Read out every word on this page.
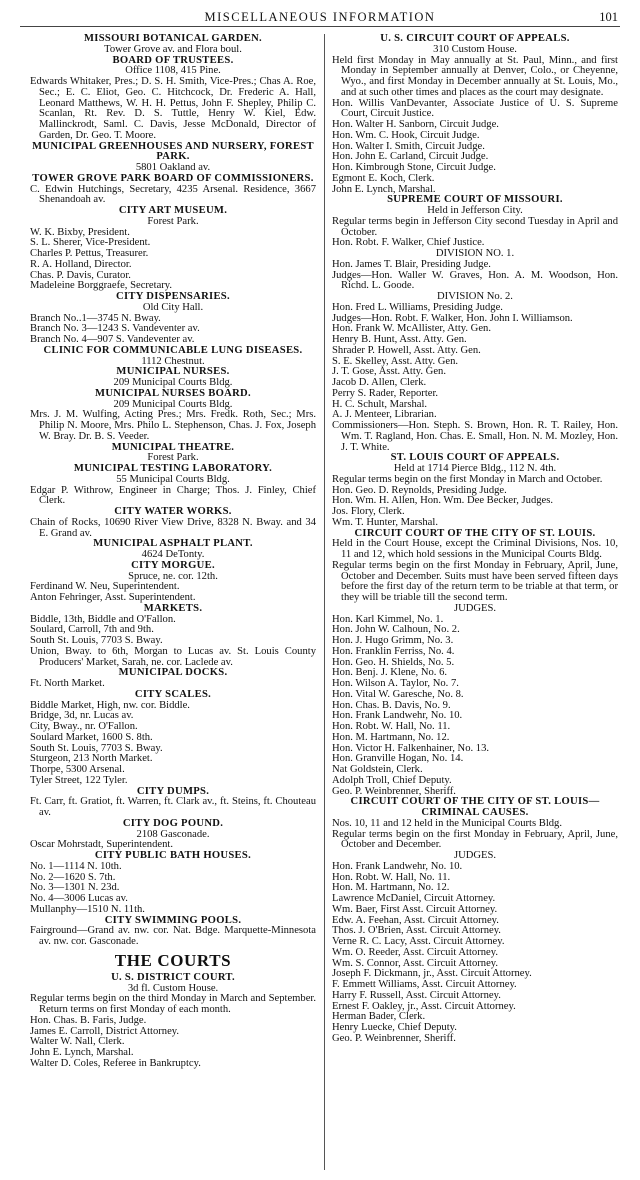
MISCELLANEOUS INFORMATION	101

MISSOURI BOTANICAL GARDEN.

Tower Grove av. and Flora boul.

BOARD OF TRUSTEES.

Office 1108, 415 Pine.

Edwards Whitaker, Pres.; D. S. H. Smith, Vice-Pres.; Chas A. Roe, Sec.; E. C. Eliot, Geo. C. Hitchcock, Dr. Frederic A. Hall, Leonard Matthews, W. H. H. Pettus, John F. Shepley, Philip C. Scanlan, Rt. Rev. D. S. Tuttle, Henry W. Kiel, Edw. Mallinckrodt, Saml. C. Davis, Jesse McDonald, Director of Garden, Dr. Geo. T. Moore.

MUNICIPAL GREENHOUSES AND NURSERY, FOREST PARK.

5801 Oakland av.

TOWER GROVE PARK BOARD OF COMMISSIONERS.

C. Edwin Hutchings, Secretary, 4235 Arsenal. Residence, 3667 Shenandoah av.

CITY ART MUSEUM.

Forest Park.

W. K. Bixby, President.

S. L. Sherer, Vice-President.

Charles P. Pettus, Treasurer.

R. A. Holland, Director.

Chas. P. Davis, Curator.

Madeleine Borggraefe, Secretary.

CITY DISPENSARIES.

Old City Hall.

Branch No..1—3745 N. Bway.

Branch No. 3—1243 S. Vandeventer av.

Branch No. 4—907 S. Vandeventer av.

CLINIC FOR COMMUNICABLE LUNG DISEASES.

1112 Chestnut.

MUNICIPAL NURSES.

209 Municipal Courts Bldg.

MUNICIPAL NURSES BOARD.

209 Municipal Courts Bldg.

Mrs. J. M. Wulfing, Acting Pres.; Mrs. Fredk. Roth, Sec.; Mrs. Philip N. Moore, Mrs. Philo L. Stephenson, Chas. J. Fox, Joseph W. Bray. Dr. B. S. Veeder.

MUNICIPAL THEATRE.

Forest Park.

MUNICIPAL TESTING LABORATORY.

55 Municipal Courts Bldg.

Edgar P. Withrow, Engineer in Charge; Thos. J. Finley, Chief Clerk.

CITY WATER WORKS.

Chain of Rocks, 10690 River View Drive, 8328 N. Bway. and 34 E. Grand av.

MUNICIPAL ASPHALT PLANT.

4624 DeTonty.

CITY MORGUE.

Spruce, ne. cor. 12th.

Ferdinand W. Neu, Superintendent.

Anton Fehringer, Asst. Superintendent.

MARKETS.

Biddle, 13th, Biddle and O'Fallon.

Soulard, Carroll, 7th and 9th.

South St. Louis, 7703 S. Bway.

Union, Bway. to 6th, Morgan to Lucas av. St. Louis County Producers' Market, Sarah, ne. cor. Laclede av.

MUNICIPAL DOCKS.

Ft. North Market.

CITY SCALES.

Biddle Market, High, nw. cor. Biddle.

Bridge, 3d, nr. Lucas av.

City, Bway., nr. O'Fallon.

Soulard Market, 1600 S. 8th.

South St. Louis, 7703 S. Bway.

Sturgeon, 213 North Market.

Thorpe, 5300 Arsenal.

Tyler Street, 122 Tyler.

CITY DUMPS.

Ft. Carr, ft. Gratiot, ft. Warren, ft. Clark av., ft. Steins, ft. Chouteau av.

CITY DOG POUND.

2108 Gasconade.

Oscar Mohrstadt, Superintendent.

CITY PUBLIC BATH HOUSES.

No. 1—1114 N. 10th.

No. 2—1620 S. 7th.

No. 3—1301 N. 23d.

No. 4—3006 Lucas av.

Mullanphy—1510 N. 11th.

CITY SWIMMING POOLS.

Fairground—Grand av. nw. cor. Nat. Bdge. Marquette-Minnesota av. nw. cor. Gasconade.

THE COURTS

U. S. DISTRICT COURT.

3d fl. Custom House.

Regular terms begin on the third Monday in March and September. Return terms on first Monday of each month.

Hon. Chas. B. Faris, Judge.

James E. Carroll, District Attorney.

Walter W. Nall, Clerk.

John E. Lynch, Marshal.

Walter D. Coles, Referee in Bankruptcy.

U. S. CIRCUIT COURT OF APPEALS.

310 Custom House.

Held first Monday in May annually at St. Paul, Minn., and first Monday in September annually at Denver, Colo., or Cheyenne, Wyo., and first Monday in December annually at St. Louis, Mo., and at such other times and places as the court may designate.

Hon. Willis VanDevanter, Associate Justice of U. S. Supreme Court, Circuit Justice.

Hon. Walter H. Sanborn, Circuit Judge.

Hon. Wm. C. Hook, Circuit Judge.

Hon. Walter I. Smith, Circuit Judge.

Hon. John E. Carland, Circuit Judge.

Hon. Kimbrough Stone, Circuit Judge.

Egmont E. Koch, Clerk.

John E. Lynch, Marshal.

SUPREME COURT OF MISSOURI.

Held in Jefferson City.

Regular terms begin in Jefferson City second Tuesday in April and October.

Hon. Robt. F. Walker, Chief Justice.

DIVISION NO. 1.

Hon. James T. Blair, Presiding Judge.

Judges—Hon. Waller W. Graves, Hon. A. M. Woodson, Hon. Richd. L. Goode.

DIVISION No. 2.

Hon. Fred L. Williams, Presiding Judge.

Judges—Hon. Robt. F. Walker, Hon. John I. Williamson.

Hon. Frank W. McAllister, Atty. Gen.

Henry B. Hunt, Asst. Atty. Gen.

Shrader P. Howell, Asst. Atty. Gen.

S. E. Skelley, Asst. Atty. Gen.

J. T. Gose, Asst. Atty. Gen.

Jacob D. Allen, Clerk.

Perry S. Rader, Reporter.

H. C. Schult, Marshal.

A. J. Menteer, Librarian.

Commissioners—Hon. Steph. S. Brown, Hon. R. T. Railey, Hon. Wm. T. Ragland, Hon. Chas. E. Small, Hon. N. M. Mozley, Hon. J. T. White.

ST. LOUIS COURT OF APPEALS.

Held at 1714 Pierce Bldg., 112 N. 4th.

Regular terms begin on the first Monday in March and October.

Hon. Geo. D. Reynolds, Presiding Judge.

Hon. Wm. H. Allen, Hon. Wm. Dee Becker, Judges.

Jos. Flory, Clerk.

Wm. T. Hunter, Marshal.

CIRCUIT COURT OF THE CITY OF ST. LOUIS.

Held in the Court House, except the Criminal Divisions, Nos. 10, 11 and 12, which hold sessions in the Municipal Courts Bldg.

Regular terms begin on the first Monday in February, April, June, October and December. Suits must have been served fifteen days before the first day of the return term to be triable at that term, or they will be triable till the second term.

JUDGES.

Hon. Karl Kimmel, No. 1.

Hon. John W. Calhoun, No. 2.

Hon. J. Hugo Grimm, No. 3.

Hon. Franklin Ferriss, No. 4.

Hon. Geo. H. Shields, No. 5.

Hon. Benj. J. Klene, No. 6.

Hon. Wilson A. Taylor, No. 7.

Hon. Vital W. Garesche, No. 8.

Hon. Chas. B. Davis, No. 9.

Hon. Frank Landwehr, No. 10.

Hon. Robt. W. Hall, No. 11.

Hon. M. Hartmann, No. 12.

Hon. Victor H. Falkenhainer, No. 13.

Hon. Granville Hogan, No. 14.

Nat Goldstein, Clerk.

Adolph Troll, Chief Deputy.

Geo. P. Weinbrenner, Sheriff.

CIRCUIT COURT OF THE CITY OF ST. LOUIS—CRIMINAL CAUSES.

Nos. 10, 11 and 12 held in the Municipal Courts Bldg.

Regular terms begin on the first Monday in February, April, June, October and December.

JUDGES.

Hon. Frank Landwehr, No. 10.

Hon. Robt. W. Hall, No. 11.

Hon. M. Hartmann, No. 12.

Lawrence McDaniel, Circuit Attorney.

Wm. Baer, First Asst. Circuit Attorney.

Edw. A. Feehan, Asst. Circuit Attorney.

Thos. J. O'Brien, Asst. Circuit Attorney.

Verne R. C. Lacy, Asst. Circuit Attorney.

Wm. O. Reeder, Asst. Circuit Attorney.

Wm. S. Connor, Asst. Circuit Attorney.

Joseph F. Dickmann, jr., Asst. Circuit Attorney.

F. Emmett Williams, Asst. Circuit Attorney.

Harry F. Russell, Asst. Circuit Attorney.

Ernest F. Oakley, jr., Asst. Circuit Attorney.

Herman Bader, Clerk.

Henry Luecke, Chief Deputy.

Geo. P. Weinbrenner, Sheriff.
